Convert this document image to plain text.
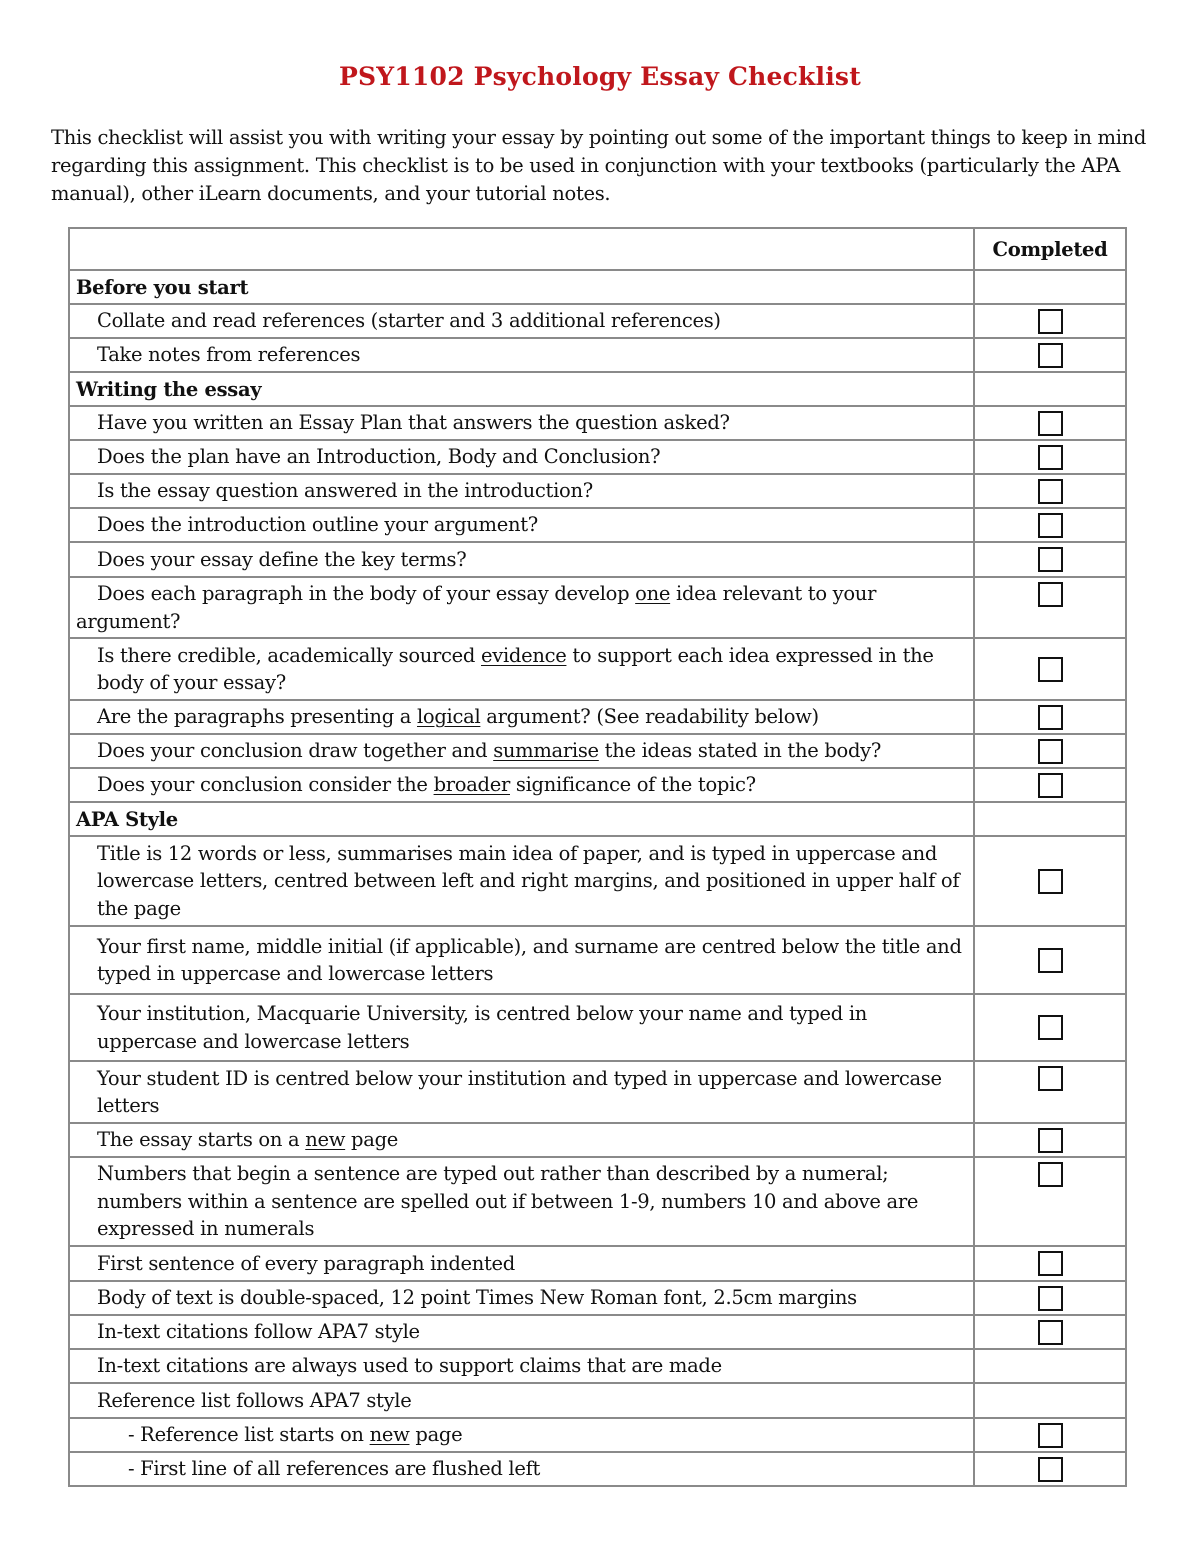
PSY1102 Psychology Essay Checklist
This checklist will assist you with writing your essay by pointing out some of the important things to keep in mind regarding this assignment. This checklist is to be used in conjunction with your textbooks (particularly the APA manual), other iLearn documents, and your tutorial notes.
	Completed
Before you start	
Collate and read references (starter and 3 additional references)	
Take notes from references	
Writing the essay	
Have you written an Essay Plan that answers the question asked?	
Does the plan have an Introduction, Body and Conclusion?	
Is the essay question answered in the introduction?	
Does the introduction outline your argument?	
Does your essay define the key terms?	
Does each paragraph in the body of your essay develop one idea relevant to your argument?	
Is there credible, academically sourced evidence to support each idea expressed in the body of your essay?	
Are the paragraphs presenting a logical argument? (See readability below)	
Does your conclusion draw together and summarise the ideas stated in the body?	
Does your conclusion consider the broader significance of the topic?	
APA Style	
Title is 12 words or less, summarises main idea of paper, and is typed in uppercase and lowercase letters, centred between left and right margins, and positioned in upper half of the page	
Your first name, middle initial (if applicable), and surname are centred below the title and typed in uppercase and lowercase letters	
Your institution, Macquarie University, is centred below your name and typed in uppercase and lowercase letters	
Your student ID is centred below your institution and typed in uppercase and lowercase letters	
The essay starts on a new page	
Numbers that begin a sentence are typed out rather than described by a numeral; numbers within a sentence are spelled out if between 1-9, numbers 10 and above are expressed in numerals	
First sentence of every paragraph indented	
Body of text is double-spaced, 12 point Times New Roman font, 2.5cm margins	
In-text citations follow APA7 style	
In-text citations are always used to support claims that are made	
Reference list follows APA7 style	
- Reference list starts on new page	
- First line of all references are flushed left	
